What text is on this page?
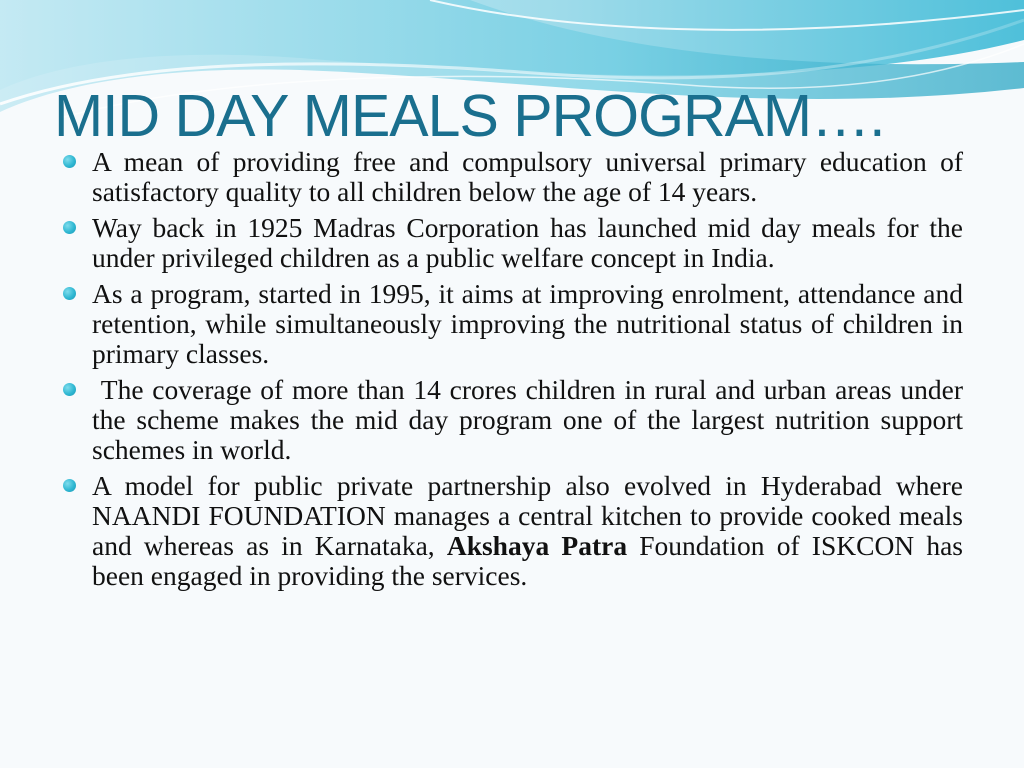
MID DAY MEALS PROGRAM….
A mean of providing free and compulsory universal primary education of satisfactory quality to all children below the age of 14 years.
Way back in 1925 Madras Corporation has launched mid day meals for the under privileged children as a public welfare concept in India.
As a program, started in 1995, it aims at improving enrolment, attendance and retention, while simultaneously improving the nutritional status of children in primary classes.
The coverage of more than 14 crores children in rural and urban areas under the scheme makes the mid day program one of the largest nutrition support schemes in world.
A model for public private partnership also evolved in Hyderabad where NAANDI FOUNDATION manages a central kitchen to provide cooked meals and whereas as in Karnataka, Akshaya Patra Foundation of ISKCON has been engaged in providing the services.
